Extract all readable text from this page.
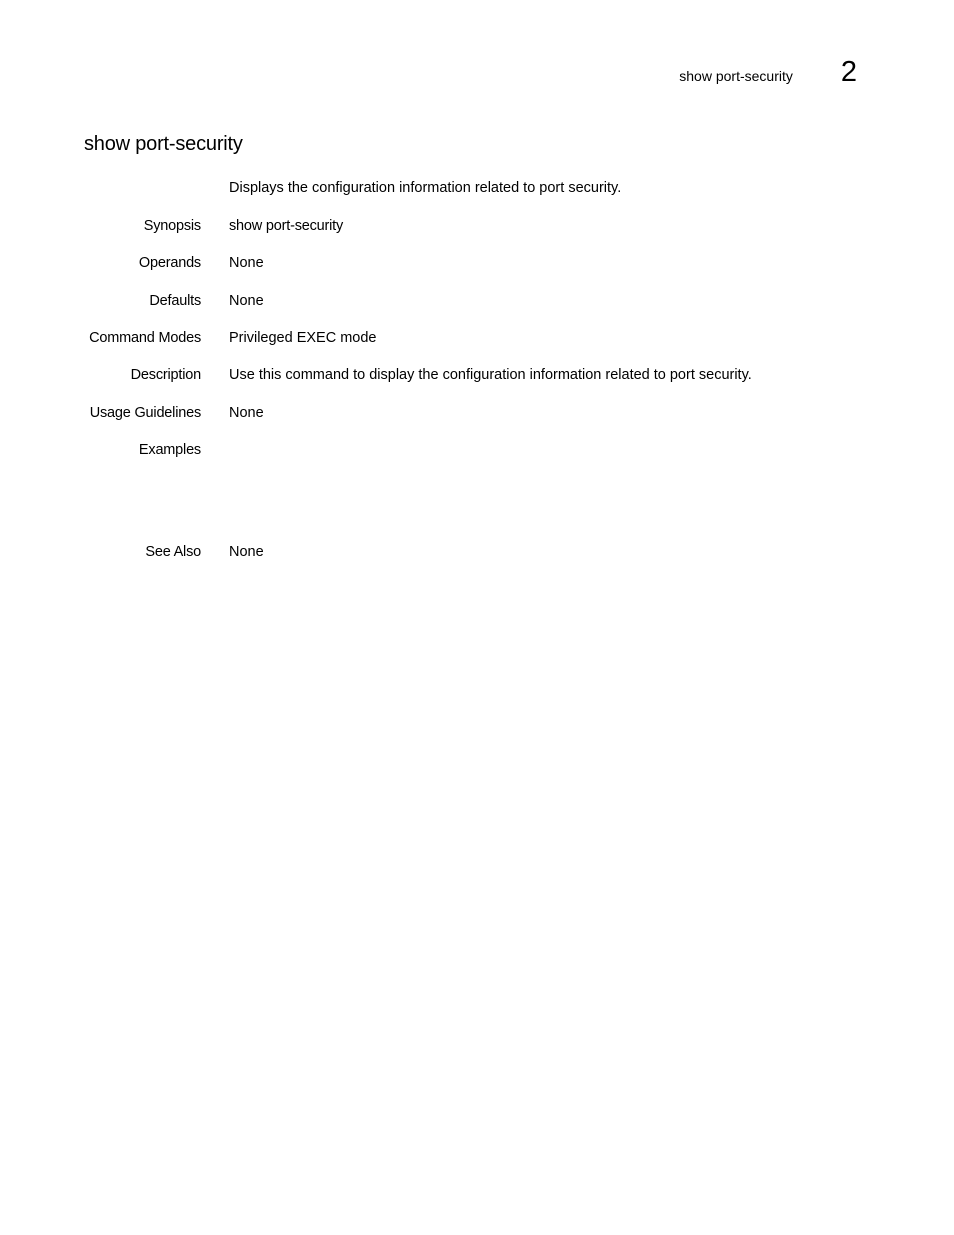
show port-security 2
show port-security
Displays the configuration information related to port security.
Synopsis show port-security
Operands None
Defaults None
Command Modes Privileged EXEC mode
Description Use this command to display the configuration information related to port security.
Usage Guidelines None
Examples
See Also None
